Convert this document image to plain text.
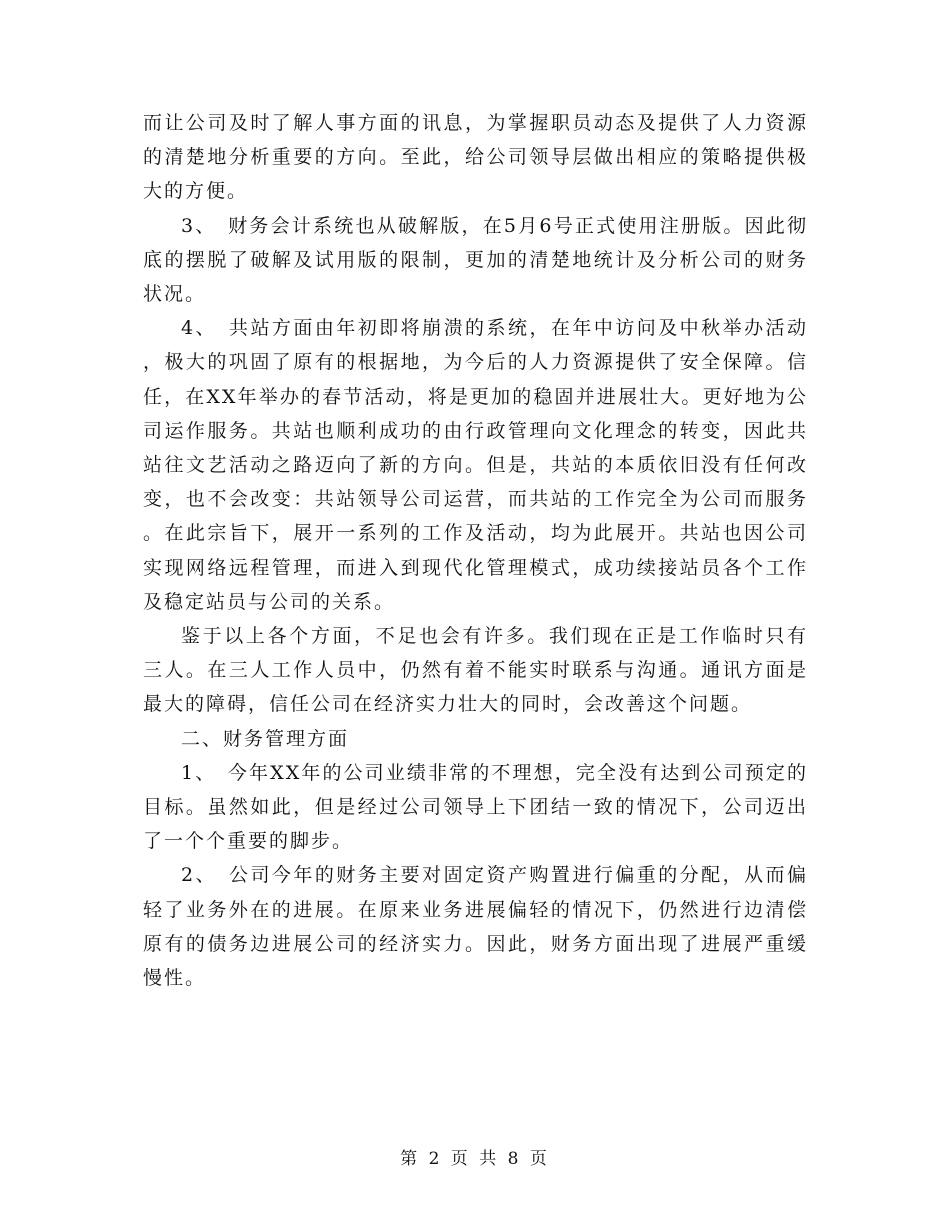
而让公司及时了解人事方面的讯息，为掌握职员动态及提供了人力资源的清楚地分析重要的方向。至此，给公司领导层做出相应的策略提供极大的方便。

3、　财务会计系统也从破解版，在5月6号正式使用注册版。因此彻底的摆脱了破解及试用版的限制，更加的清楚地统计及分析公司的财务状况。

4、　共站方面由年初即将崩溃的系统，在年中访问及中秋举办活动，极大的巩固了原有的根据地，为今后的人力资源提供了安全保障。信任，在XX年举办的春节活动，将是更加的稳固并进展壮大。更好地为公司运作服务。共站也顺利成功的由行政管理向文化理念的转变，因此共站往文艺活动之路迈向了新的方向。但是，共站的本质依旧没有任何改变，也不会改变：共站领导公司运营，而共站的工作完全为公司而服务。在此宗旨下，展开一系列的工作及活动，均为此展开。共站也因公司实现网络远程管理，而进入到现代化管理模式，成功续接站员各个工作及稳定站员与公司的关系。

鉴于以上各个方面，不足也会有许多。我们现在正是工作临时只有三人。在三人工作人员中，仍然有着不能实时联系与沟通。通讯方面是最大的障碍，信任公司在经济实力壮大的同时，会改善这个问题。

二、财务管理方面

1、　今年XX年的公司业绩非常的不理想，完全没有达到公司预定的目标。虽然如此，但是经过公司领导上下团结一致的情况下，公司迈出了一个个重要的脚步。

2、　公司今年的财务主要对固定资产购置进行偏重的分配，从而偏轻了业务外在的进展。在原来业务进展偏轻的情况下，仍然进行边清偿原有的债务边进展公司的经济实力。因此，财务方面出现了进展严重缓慢性。

第 2 页 共 8 页
